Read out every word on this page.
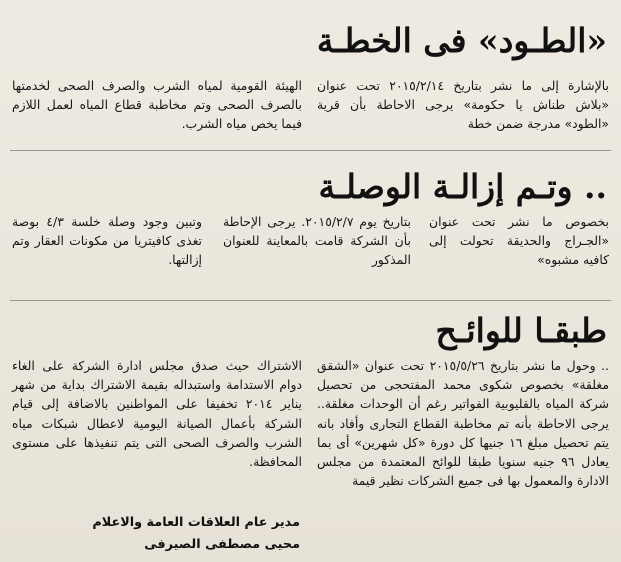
«الطـود» فى الخطـة

بالإشارة إلى ما نشر بتاريخ ٢٠١٥/٢/١٤ تحت عنوان «بلاش طناش يا حكومة» يرجى الاحاطة بأن قرية «الطود» مدرجة ضمن خطة

الهيئة القومية لمياه الشرب والصرف الصحى لخدمتها بالصرف الصحى وتم مخاطبة قطاع المياه لعمل اللازم فيما يخص مياه الشرب.

.. وتـم إزالـة الوصلـة

بخصوص ما نشر تحت عنوان «الجـراج والحديقة تحولت إلى كافيه مشبوه»

بتاريخ يوم ٢٠١٥/٢/٧. يرجى الإحاطة بأن الشركة قامت بالمعاينة للعنوان المذكور

وتبين وجود وصلة خلسة ٤/٣ بوصة تغذى كافيتريا من مكونات العقار وتم إزالتها.

طبقـا للوائـح

.. وحول ما نشر بتاريخ ٢٠١٥/٥/٢٦ تحت عنوان «الشقق مغلقة» بخصوص شكوى محمد المفتحجى من تحصيل شركة المياه بالقليوبية الفواتير رغم أن الوحدات مغلقة.. يرجى الاحاطة بأنه تم مخاطبة القطاع التجارى وأفاد بانه يتم تحصيل مبلغ ١٦ جنيها كل دورة «كل شهرين» أى بما يعادل ٩٦ جنيه سنويا طبقا للوائح المعتمدة من مجلس الادارة والمعمول بها فى جميع الشركات نظير قيمة

الاشتراك حيث صدق مجلس ادارة الشركة على الغاء دوام الاستدامة واستبداله بقيمة الاشتراك بداية من شهر يناير ٢٠١٤ تخفيفا على المواطنين بالاضافة إلى قيام الشركة بأعمال الصيانة اليومية لاعطال شبكات مياه الشرب والصرف الصحى التى يتم تنفيذها على مستوى المحافظة.

مدير عام العلاقات العامة والاعلام
محيى مصطفى الصيرفى
